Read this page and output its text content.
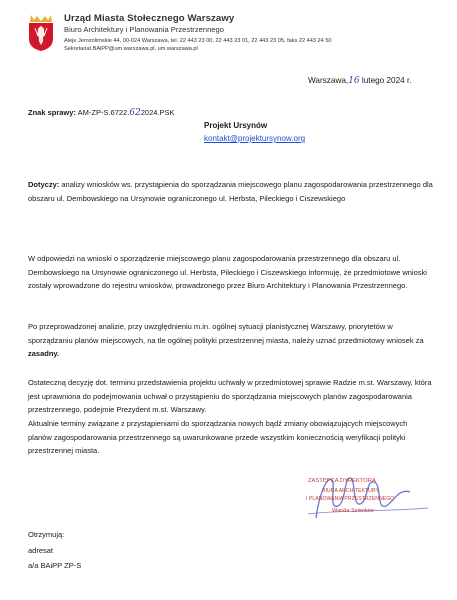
Urząd Miasta Stołecznego Warszawy
Biuro Architektury i Planowania Przestrzennego
Aleje Jerozolimskie 44, 00-024 Warszawa, tel. 22 443 23 00, 22 443 23 01, 22 443 23 05, faks 22 443 24 50
Sekretariat.BAiPP@um.warszawa.pl, um.warszawa.pl
Warszawa,16 lutego 2024 r.
Znak sprawy: AM-ZP-S.6722.622024.PSK
Projekt Ursynów
kontakt@projektursynow.org

Dotyczy: analizy wniosków ws. przystąpienia do sporządzania miejscowego planu zagospodarowania przestrzennego dla obszaru ul. Dembowskiego na Ursynowie ograniczonego ul. Herbsta, Pileckiego i Ciszewskiego

W odpowiedzi na wnioski o sporządzenie miejscowego planu zagospodarowania przestrzennego dla obszaru ul. Dembowskiego na Ursynowie ograniczonego ul. Herbsta, Pileckiego i Ciszewskiego informuję, że przedmiotowe wnioski zostały wprowadzone do rejestru wniosków, prowadzonego przez Biuro Architektury i Planowania Przestrzennego.

Po przeprowadzonej analizie, przy uwzględnieniu m.in. ogólnej sytuacji planistycznej Warszawy, priorytetów w sporządzaniu planów miejscowych, na tle ogólnej polityki przestrzennej miasta, należy uznać przedmiotowy wniosek za zasadny.

Ostateczną decyzję dot. terminu przedstawienia projektu uchwały w przedmiotowej sprawie Radzie m.st. Warszawy, która jest uprawniona do podejmowania uchwał o przystąpieniu do sporządzania miejscowych planów zagospodarowania przestrzennego, podejmie Prezydent m.st. Warszawy.

Aktualnie terminy związane z przystąpieniami do sporządzania nowych bądź zmiany obowiązujących miejscowych planów zagospodarowania przestrzennego są uwarunkowane przede wszystkim koniecznością weryfikacji polityki przestrzennej miasta.

ZASTĘPCA DYREKTORA
BIURA ARCHITEKTURY
I PLANOWANIA PRZESTRZENNEGO
Wanda Szlenkier
Otrzymują:
adresat
a/a BAiPP ZP-S
